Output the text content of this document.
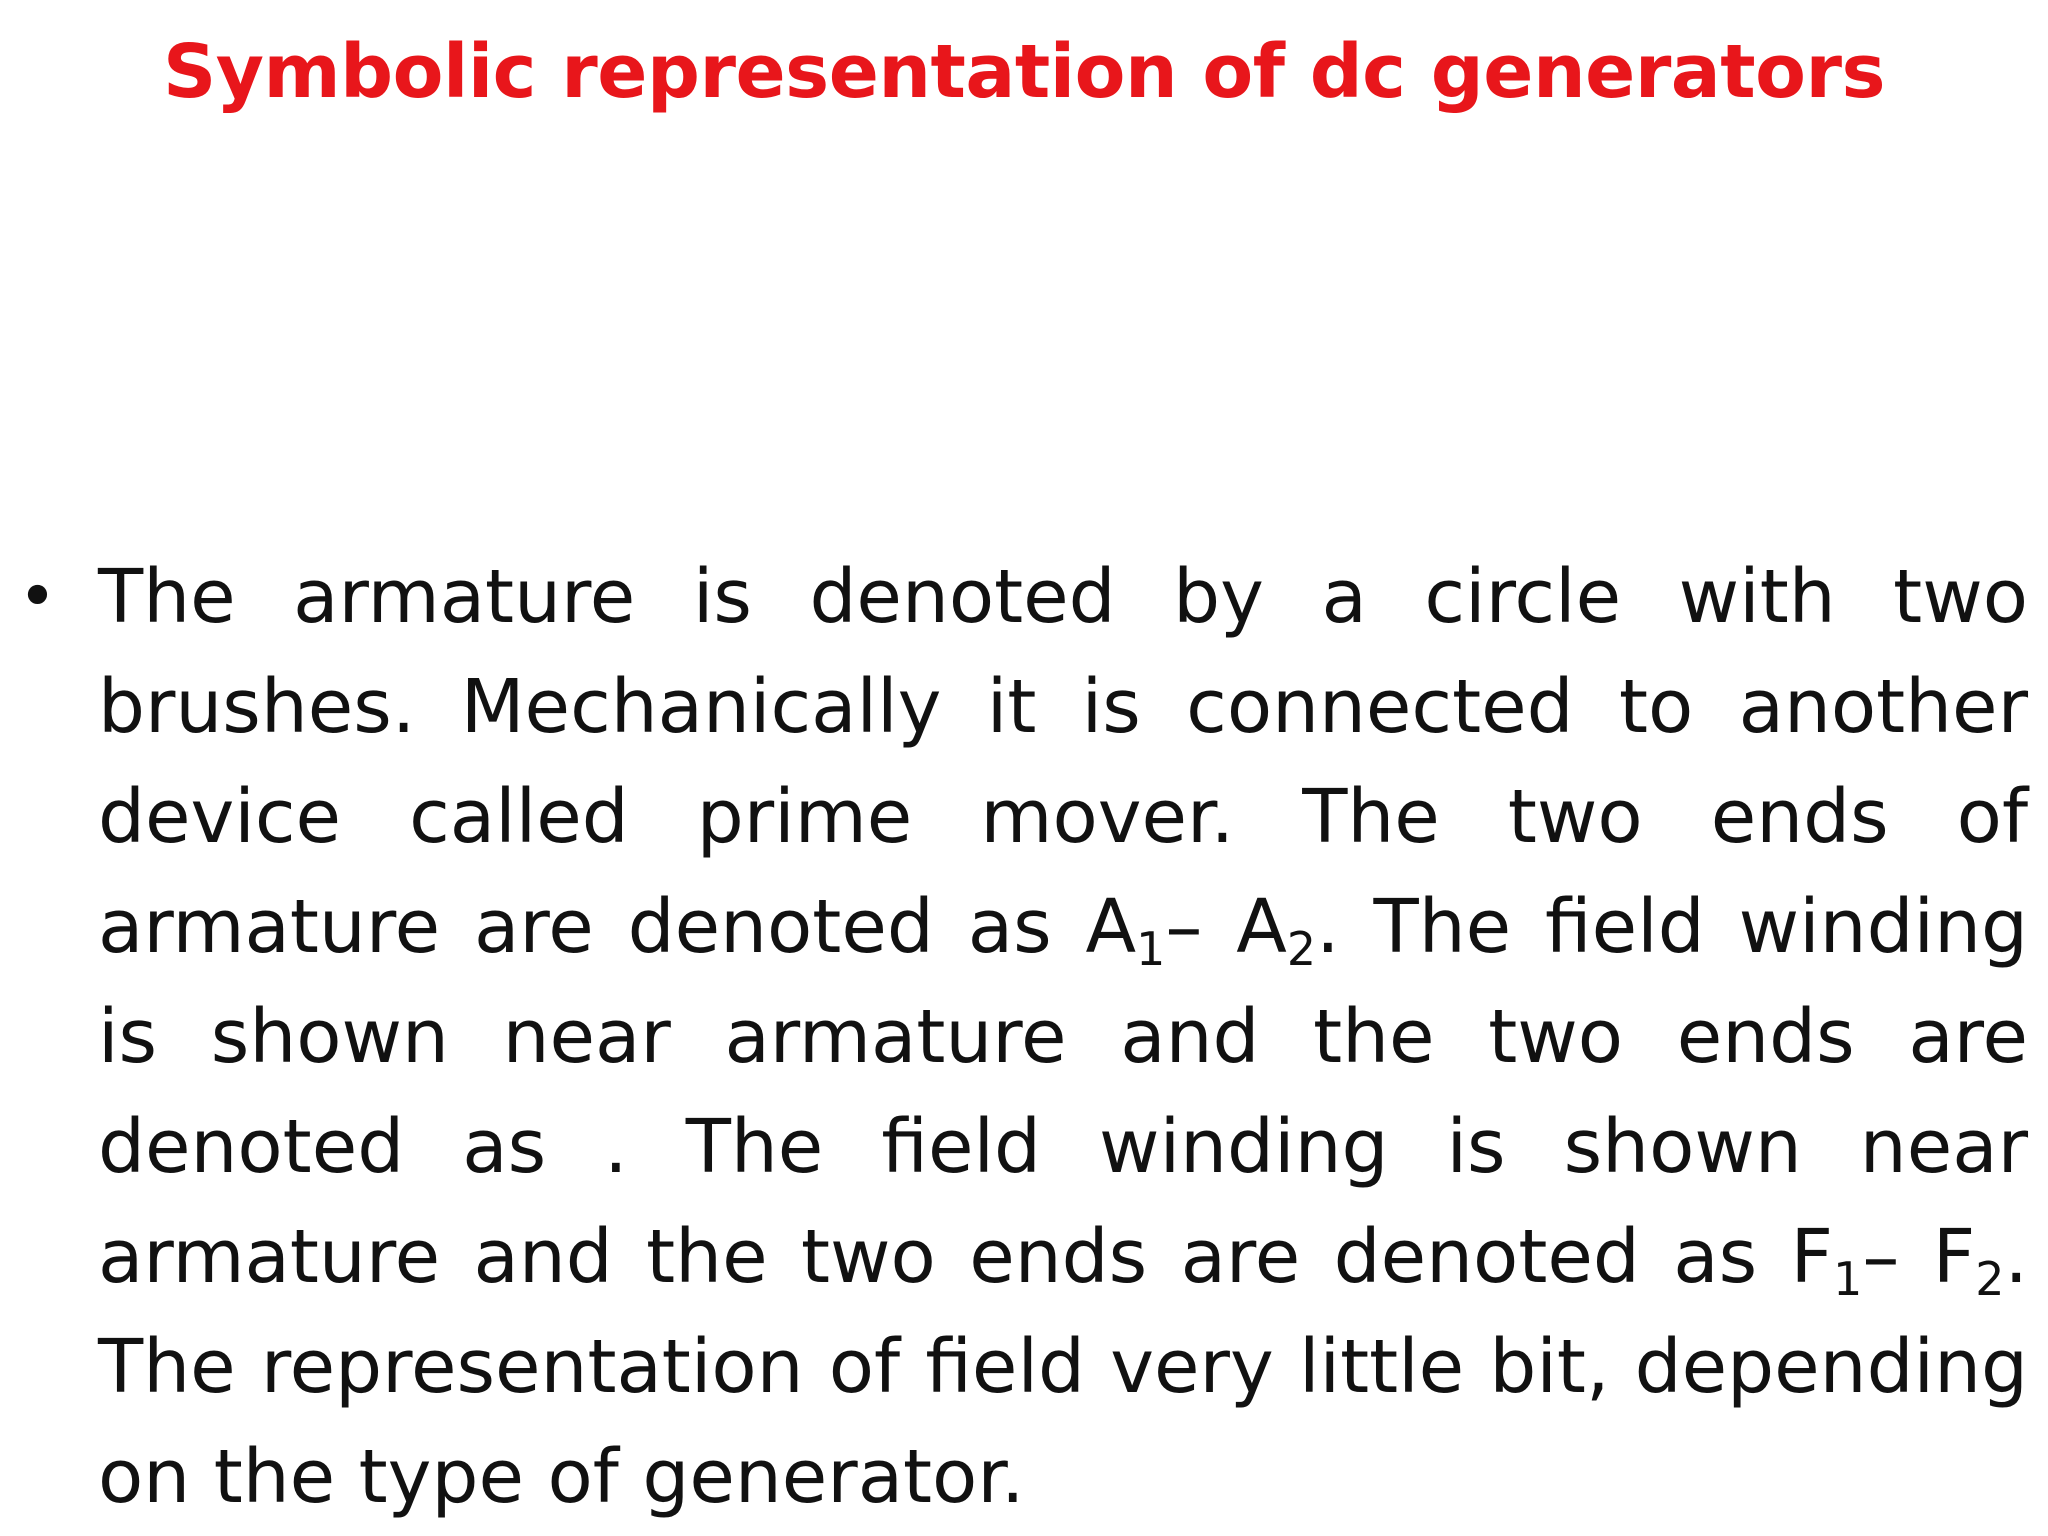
Symbolic representation of dc generators
• The armature is denoted by a circle with two
brushes. Mechanically it is connected to another
device called prime mover. The two ends of
armature are denoted as $A_1-$ $A_2$. The field winding
is shown near armature and the two ends are
denoted as . The field winding is shown near
armature and the two ends are denoted as $F_1-$ $F_2$.
The representation of field very little bit, depending
on the type of generator.
